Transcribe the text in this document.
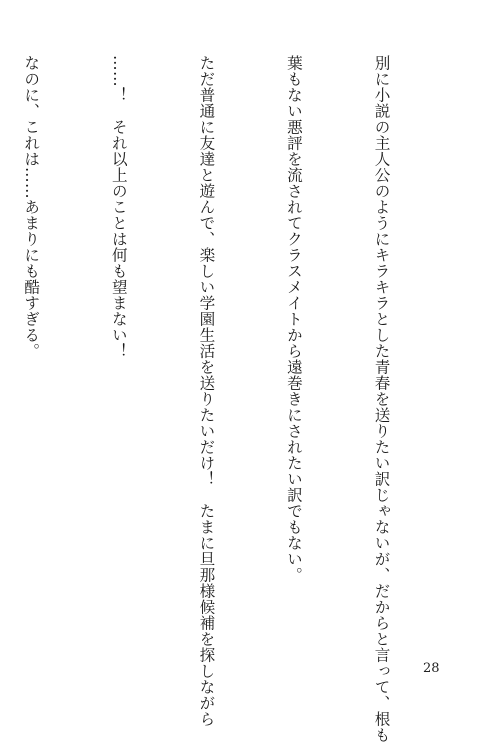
別に小説の主人公のようにキラキラとした青春を送りたい訳じゃないが、だからと言って、根も

葉もない悪評を流されてクラスメイトから遠巻きにされたい訳でもない。

ただ普通に友達と遊んで、楽しい学園生活を送りたいだけ！　たまに旦那様候補を探しながら

……！　それ以上のことは何も望まない！

なのに、これは……あまりにも酷すぎる。

28
